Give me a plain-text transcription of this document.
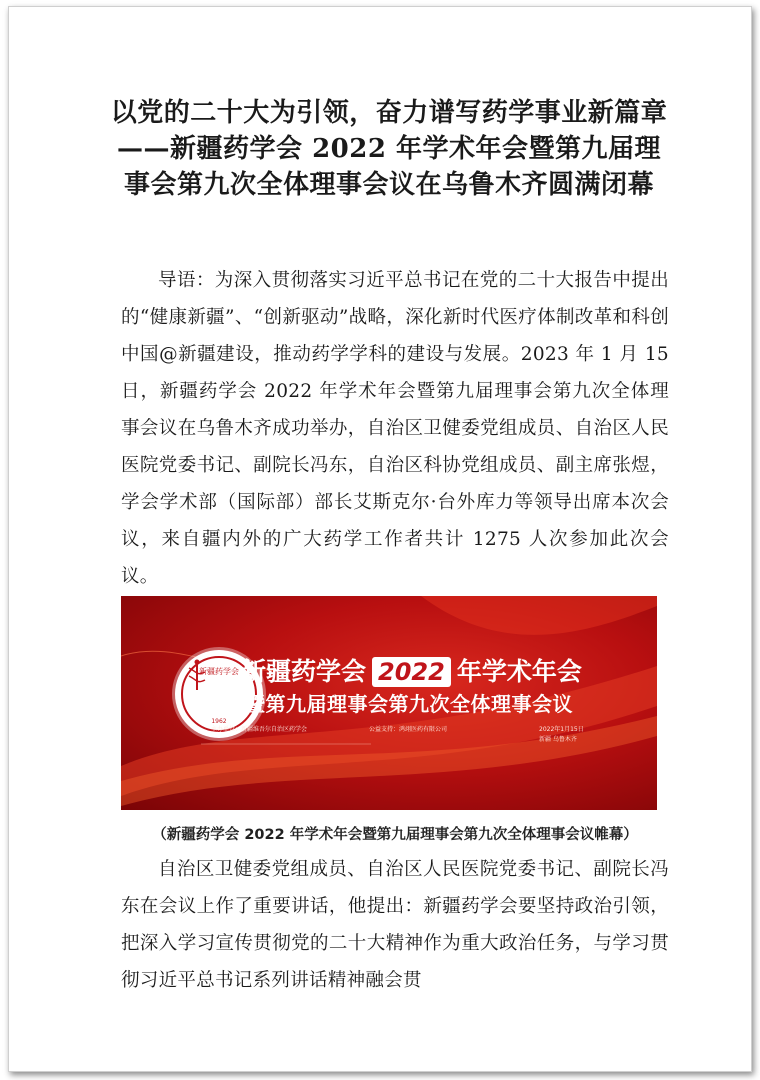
以党的二十大为引领，奋力谱写药学事业新篇章——新疆药学会 2022 年学术年会暨第九届理事会第九次全体理事会议在乌鲁木齐圆满闭幕
导语：为深入贯彻落实习近平总书记在党的二十大报告中提出的“健康新疆”、“创新驱动”战略，深化新时代医疗体制改革和科创中国@新疆建设，推动药学学科的建设与发展。2023 年 1 月 15 日，新疆药学会 2022 年学术年会暨第九届理事会第九次全体理事会议在乌鲁木齐成功举办，自治区卫健委党组成员、自治区人民医院党委书记、副院长冯东，自治区科协党组成员、副主席张煜，学会学术部（国际部）部长艾斯克尔·台外库力等领导出席本次会议，来自疆内外的广大药学工作者共计 1275 人次参加此次会议。
新疆药学会
1962
新疆药学会 2022 年学术年会
暨第九届理事会第九次全体理事会议
主办单位：新疆维吾尔自治区药学会	公益支持：鸿翊医药有限公司	2022年1月15日
新疆 乌鲁木齐
（新疆药学会 2022 年学术年会暨第九届理事会第九次全体理事会议帷幕）
自治区卫健委党组成员、自治区人民医院党委书记、副院长冯东在会议上作了重要讲话，他提出：新疆药学会要坚持政治引领，把深入学习宣传贯彻党的二十大精神作为重大政治任务，与学习贯彻习近平总书记系列讲话精神融会贯
